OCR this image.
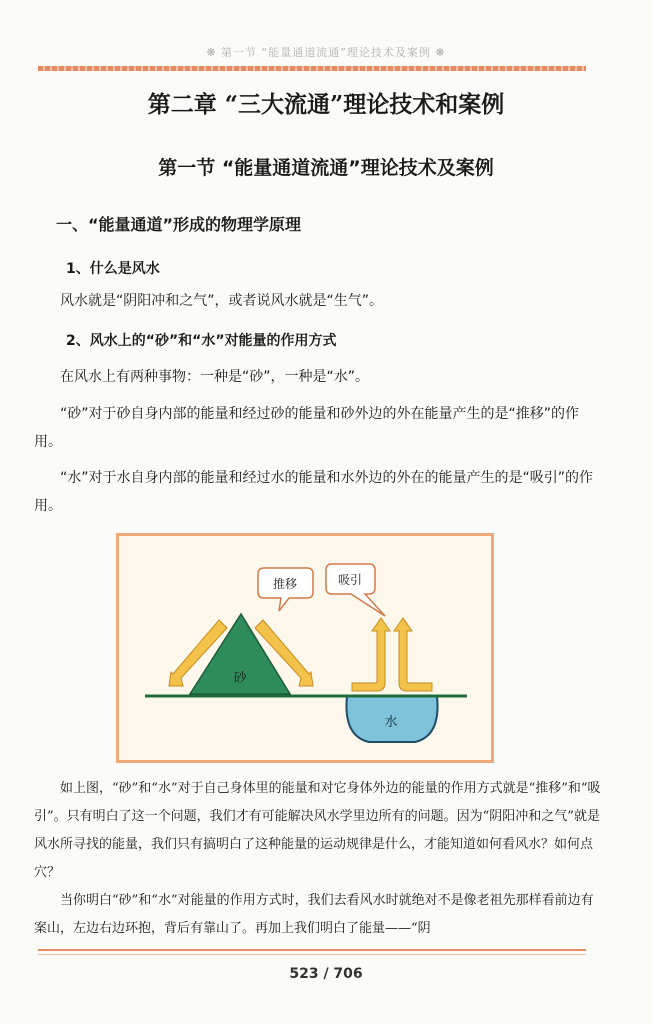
❋ 第一节 “能量通道流通”理论技术及案例 ❋
第二章 “三大流通”理论技术和案例
第一节 “能量通道流通”理论技术及案例
一、“能量通道”形成的物理学原理
1、什么是风水
风水就是“阴阳冲和之气”，或者说风水就是“生气”。
2、风水上的“砂”和“水”对能量的作用方式
在风水上有两种事物：一种是“砂”，一种是“水”。
“砂”对于砂自身内部的能量和经过砂的能量和砂外边的外在能量产生的是“推移”的作用。
“水”对于水自身内部的能量和经过水的能量和水外边的外在的能量产生的是“吸引”的作用。
推移	吸引
砂
水
如上图，“砂”和“水”对于自己身体里的能量和对它身体外边的能量的作用方式就是“推移”和“吸引”。只有明白了这一个问题，我们才有可能解决风水学里边所有的问题。因为“阴阳冲和之气”就是风水所寻找的能量，我们只有搞明白了这种能量的运动规律是什么，才能知道如何看风水？如何点穴？
当你明白“砂”和“水”对能量的作用方式时，我们去看风水时就绝对不是像老祖先那样看前边有案山，左边右边环抱，背后有靠山了。再加上我们明白了能量——“阴
523 / 706
